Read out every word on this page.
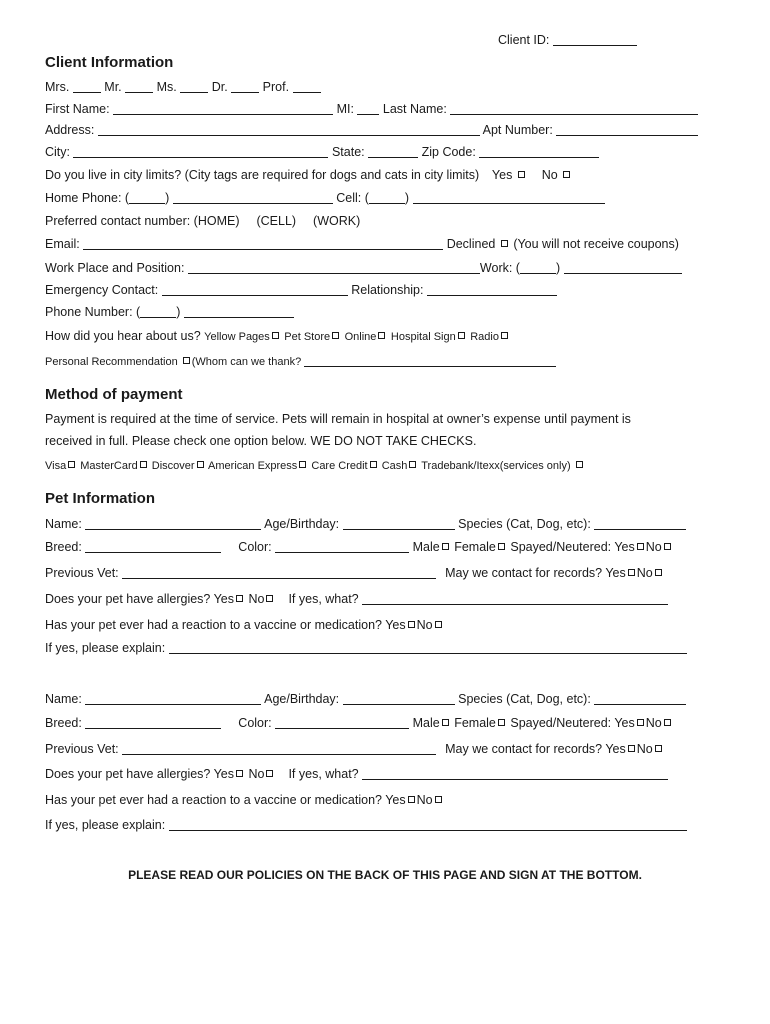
Client ID:
Client Information
Mrs.	Mr.	Ms.	Dr.	Prof.
First Name:	MI: Last Name:
Address:	Apt Number:
City:	State:	Zip Code:
Do you live in city limits? (City tags are required for dogs and cats in city limits) Yes No
Home Phone: (	)	Cell: (	)
Preferred contact number: (HOME) (CELL) (WORK)
Email:	Declined (You will not receive coupons)
Work Place and Position:	Work: (	)
Emergency Contact:	Relationship:
Phone Number: (	)
How did you hear about us? Yellow Pages Pet Store Online Hospital Sign Radio
Personal Recommendation (Whom can we thank?
Method of payment
Payment is required at the time of service. Pets will remain in hospital at owner’s expense until payment is
received in full. Please check one option below. WE DO NOT TAKE CHECKS.
Visa MasterCard Discover American Express Care Credit Cash Tradebank/Itexx(services only)
Pet Information
Name:	Age/Birthday:	Species (Cat, Dog, etc):
Breed:	Color:	Male Female Spayed/Neutered: Yes No
Previous Vet:	May we contact for records? Yes No
Does your pet have allergies? Yes No If yes, what?
Has your pet ever had a reaction to a vaccine or medication? Yes No
If yes, please explain:
Name:	Age/Birthday:	Species (Cat, Dog, etc):
Breed:	Color:	Male Female Spayed/Neutered: Yes No
Previous Vet:	May we contact for records? Yes No
Does your pet have allergies? Yes No If yes, what?
Has your pet ever had a reaction to a vaccine or medication? Yes No
If yes, please explain:
PLEASE READ OUR POLICIES ON THE BACK OF THIS PAGE AND SIGN AT THE BOTTOM.
